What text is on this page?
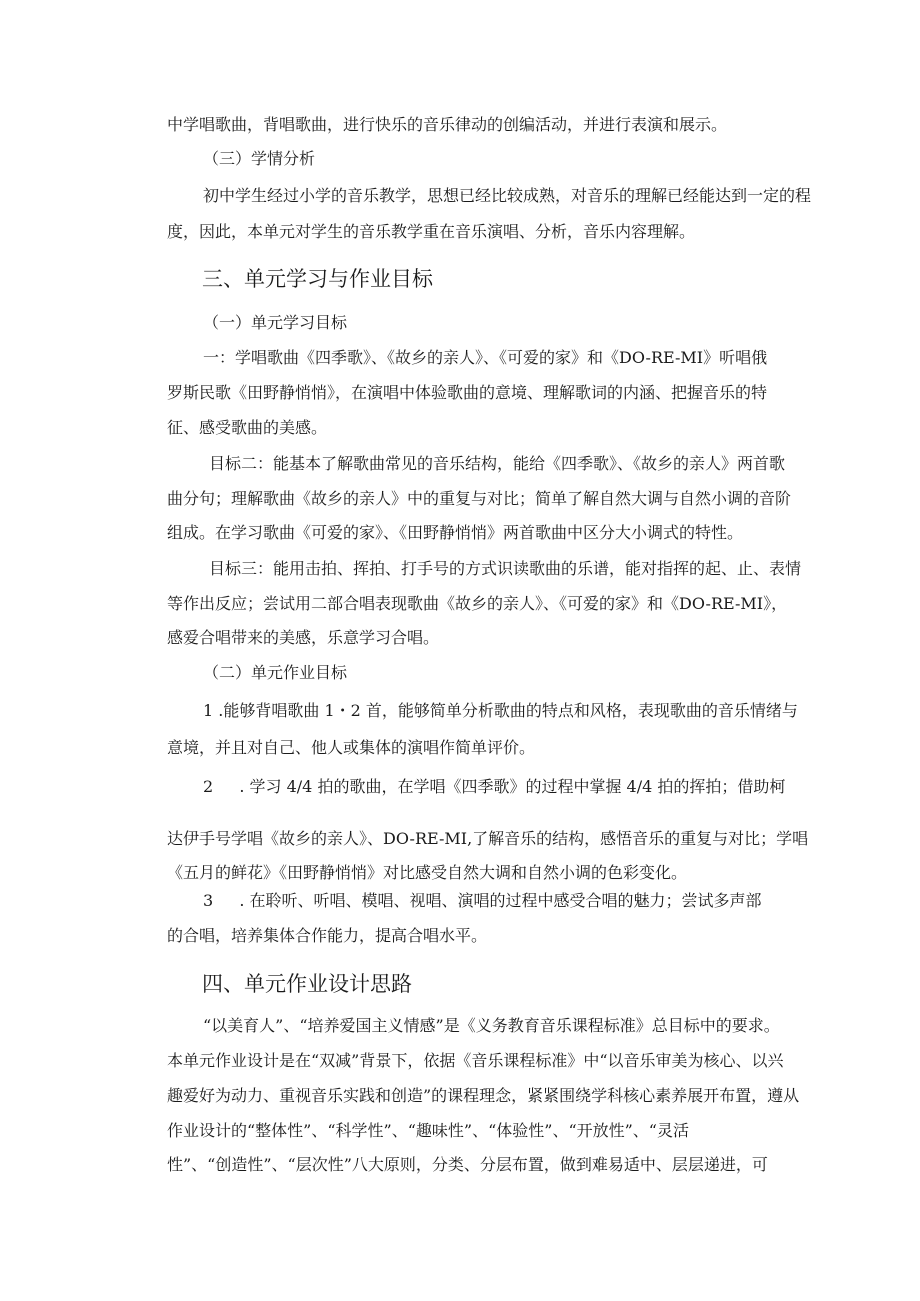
中学唱歌曲，背唱歌曲，进行快乐的音乐律动的创编活动，并进行表演和展示。
（三）学情分析
初中学生经过小学的音乐教学，思想已经比较成熟，对音乐的理解已经能达到一定的程
度，因此，本单元对学生的音乐教学重在音乐演唱、分析，音乐内容理解。
三、单元学习与作业目标
（一）单元学习目标
一：学唱歌曲《四季歌》、《故乡的亲人》、《可爱的家》和《DO-RE-MI》听唱俄
罗斯民歌《田野静悄悄》，在演唱中体验歌曲的意境、理解歌词的内涵、把握音乐的特
征、感受歌曲的美感。
目标二：能基本了解歌曲常见的音乐结构，能给《四季歌》、《故乡的亲人》两首歌
曲分句；理解歌曲《故乡的亲人》中的重复与对比；简单了解自然大调与自然小调的音阶
组成。在学习歌曲《可爱的家》、《田野静悄悄》两首歌曲中区分大小调式的特性。
目标三：能用击拍、挥拍、打手号的方式识读歌曲的乐谱，能对指挥的起、止、表情
等作出反应；尝试用二部合唱表现歌曲《故乡的亲人》、《可爱的家》和《DO-RE-MI》，
感爱合唱带来的美感，乐意学习合唱。
（二）单元作业目标
1 .能够背唱歌曲 1・2 首，能够简单分析歌曲的特点和风格，表现歌曲的音乐情绪与
意境，并且对自己、他人或集体的演唱作简单评价。
2 　 . 学习 4/4 拍的歌曲，在学唱《四季歌》的过程中掌握 4/4 拍的挥拍；借助柯
达伊手号学唱《故乡的亲人》、DO-RE-MI,了解音乐的结构，感悟音乐的重复与对比；学唱
《五月的鲜花》《田野静悄悄》对比感受自然大调和自然小调的色彩变化。
3 　 . 在聆听、听唱、模唱、视唱、演唱的过程中感受合唱的魅力；尝试多声部
的合唱，培养集体合作能力，提高合唱水平。
四、单元作业设计思路
“以美育人”、“培养爱国主义情感”是《义务教育音乐课程标准》总目标中的要求。
本单元作业设计是在“双减”背景下，依据《音乐课程标准》中“以音乐审美为核心、以兴
趣爱好为动力、重视音乐实践和创造”的课程理念，紧紧围绕学科核心素养展开布置，遵从
作业设计的“整体性”、“科学性”、“趣味性”、“体验性”、“开放性”、“灵活
性”、“创造性”、“层次性”八大原则，分类、分层布置，做到难易适中、层层递进，可
